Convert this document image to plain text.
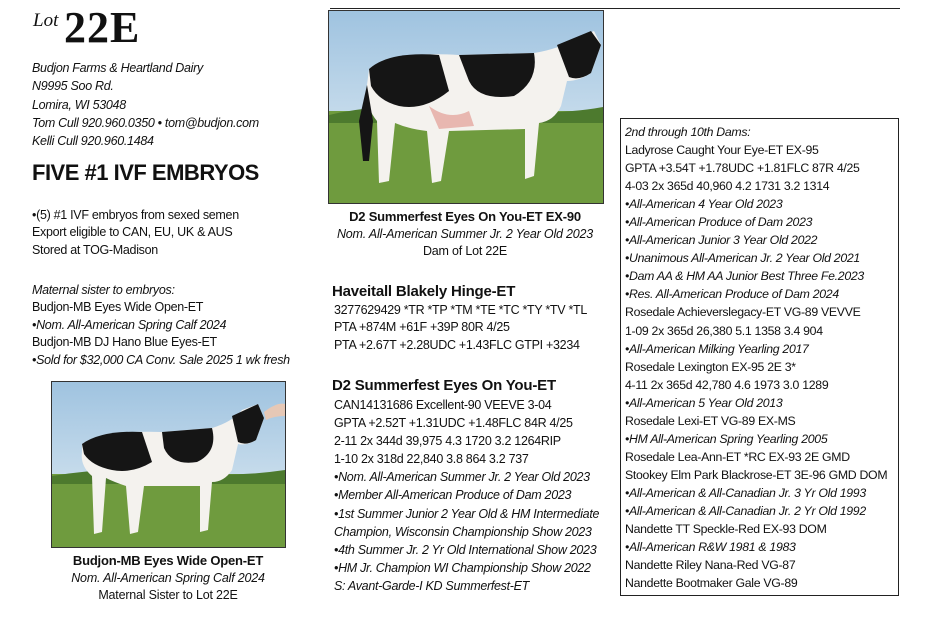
Lot 22E
Budjon Farms & Heartland Dairy
N9995 Soo Rd.
Lomira, WI 53048
Tom Cull 920.960.0350 • tom@budjon.com
Kelli Cull 920.960.1484
FIVE #1 IVF EMBRYOS
•(5) #1 IVF embryos from sexed semen
Export eligible to CAN, EU, UK & AUS
Stored at TOG-Madison
Maternal sister to embryos:
Budjon-MB Eyes Wide Open-ET
•Nom. All-American Spring Calf 2024
Budjon-MB DJ Hano Blue Eyes-ET
•Sold for $32,000 CA Conv. Sale 2025 1 wk fresh
D2 Summerfest Eyes On You-ET EX-90
Nom. All-American Summer Jr. 2 Year Old 2023
Dam of Lot 22E
Haveitall Blakely Hinge-ET
3277629429 *TR *TP *TM *TE *TC *TY *TV *TL
PTA +874M +61F +39P 80R 4/25
PTA +2.67T +2.28UDC +1.43FLC GTPI +3234
D2 Summerfest Eyes On You-ET
CAN14131686 Excellent-90 VEEVE 3-04
GPTA +2.52T +1.31UDC +1.48FLC 84R 4/25
2-11 2x 344d 39,975 4.3 1720 3.2 1264RIP
1-10 2x 318d 22,840 3.8 864 3.2 737
•Nom. All-American Summer Jr. 2 Year Old 2023
•Member All-American Produce of Dam 2023
•1st Summer Junior 2 Year Old & HM Intermediate
Champion, Wisconsin Championship Show 2023
•4th Summer Jr. 2 Yr Old International Show 2023
•HM Jr. Champion WI Championship Show 2022
S: Avant-Garde-I KD Summerfest-ET
Budjon-MB Eyes Wide Open-ET
Nom. All-American Spring Calf 2024
Maternal Sister to Lot 22E
2nd through 10th Dams:
Ladyrose Caught Your Eye-ET EX-95
GPTA +3.54T +1.78UDC +1.81FLC 87R 4/25
4-03 2x 365d 40,960 4.2 1731 3.2 1314
•All-American 4 Year Old 2023
•All-American Produce of Dam 2023
•All-American Junior 3 Year Old 2022
•Unanimous All-American Jr. 2 Year Old 2021
•Dam AA & HM AA Junior Best Three Fe.2023
•Res. All-American Produce of Dam 2024
Rosedale Achieverslegacy-ET VG-89 VEVVE
1-09 2x 365d 26,380 5.1 1358 3.4 904
•All-American Milking Yearling 2017
Rosedale Lexington EX-95 2E 3*
4-11 2x 365d 42,780 4.6 1973 3.0 1289
•All-American 5 Year Old 2013
Rosedale Lexi-ET VG-89 EX-MS
•HM All-American Spring Yearling 2005
Rosedale Lea-Ann-ET *RC EX-93 2E GMD
Stookey Elm Park Blackrose-ET 3E-96 GMD DOM
•All-American & All-Canadian Jr. 3 Yr Old 1993
•All-American & All-Canadian Jr. 2 Yr Old 1992
Nandette TT Speckle-Red EX-93 DOM
•All-American R&W 1981 & 1983
Nandette Riley Nana-Red VG-87
Nandette Bootmaker Gale VG-89
